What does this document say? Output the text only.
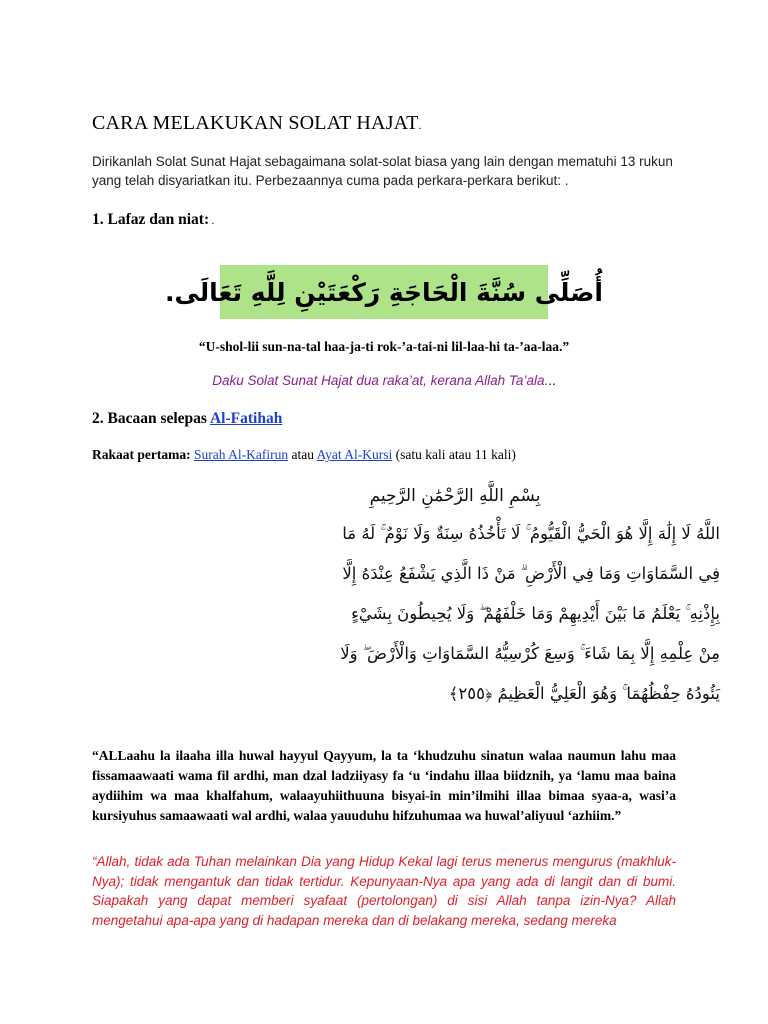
CARA MELAKUKAN SOLAT HAJAT.

Dirikanlah Solat Sunat Hajat sebagaimana solat-solat biasa yang lain dengan mematuhi 13 rukun yang telah disyariatkan itu. Perbezaannya cuma pada perkara-perkara berikut: .

1. Lafaz dan niat: .
أُصَلِّى سُنَّةَ الْحَاجَةِ رَكْعَتَيْنِ لِلَّهِ تَعَالَى.

“U-shol-lii sun-na-tal haa-ja-ti rok-’a-tai-ni lil-laa-hi ta-’aa-laa.”

Daku Solat Sunat Hajat dua raka’at, kerana Allah Ta’ala...

2. Bacaan selepas Al-Fatihah

Rakaat pertama: Surah Al-Kafirun atau Ayat Al-Kursi (satu kali atau 11 kali)

بِسْمِ اللَّهِ الرَّحْمَٰنِ الرَّحِيمِ
اللَّهُ لَا إِلَٰهَ إِلَّا هُوَ الْحَيُّ الْقَيُّومُ ۚ لَا تَأْخُذُهُ سِنَةٌ وَلَا نَوْمٌ ۚ لَهُ مَا
فِي السَّمَاوَاتِ وَمَا فِي الْأَرْضِ ۗ مَنْ ذَا الَّذِي يَشْفَعُ عِنْدَهُ إِلَّا
بِإِذْنِهِ ۚ يَعْلَمُ مَا بَيْنَ أَيْدِيهِمْ وَمَا خَلْفَهُمْ ۖ وَلَا يُحِيطُونَ بِشَيْءٍ
مِنْ عِلْمِهِ إِلَّا بِمَا شَاءَ ۚ وَسِعَ كُرْسِيُّهُ السَّمَاوَاتِ وَالْأَرْضَ ۖ وَلَا
يَئُودُهُ حِفْظُهُمَا ۚ وَهُوَ الْعَلِيُّ الْعَظِيمُ ﴿٢٥٥﴾

“ALLaahu la ilaaha illa huwal hayyul Qayyum, la ta ‘khudzuhu sinatun walaa naumun lahu maa fissamaawaati wama fil ardhi, man dzal ladziiyasy fa ‘u ‘indahu illaa biidznih, ya ‘lamu maa baina aydiihim wa maa khalfahum, walaayuhiithuuna bisyai-in min’ilmihi illaa bimaa syaa-a, wasi’a kursiyuhus samaawaati wal ardhi, walaa yauuduhu hifzuhumaa wa huwal’aliyuul ‘azhiim.”

“Allah, tidak ada Tuhan melainkan Dia yang Hidup Kekal lagi terus menerus mengurus (makhluk-Nya); tidak mengantuk dan tidak tertidur. Kepunyaan-Nya apa yang ada di langit dan di bumi. Siapakah yang dapat memberi syafaat (pertolongan) di sisi Allah tanpa izin-Nya? Allah mengetahui apa-apa yang di hadapan mereka dan di belakang mereka, sedang mereka
